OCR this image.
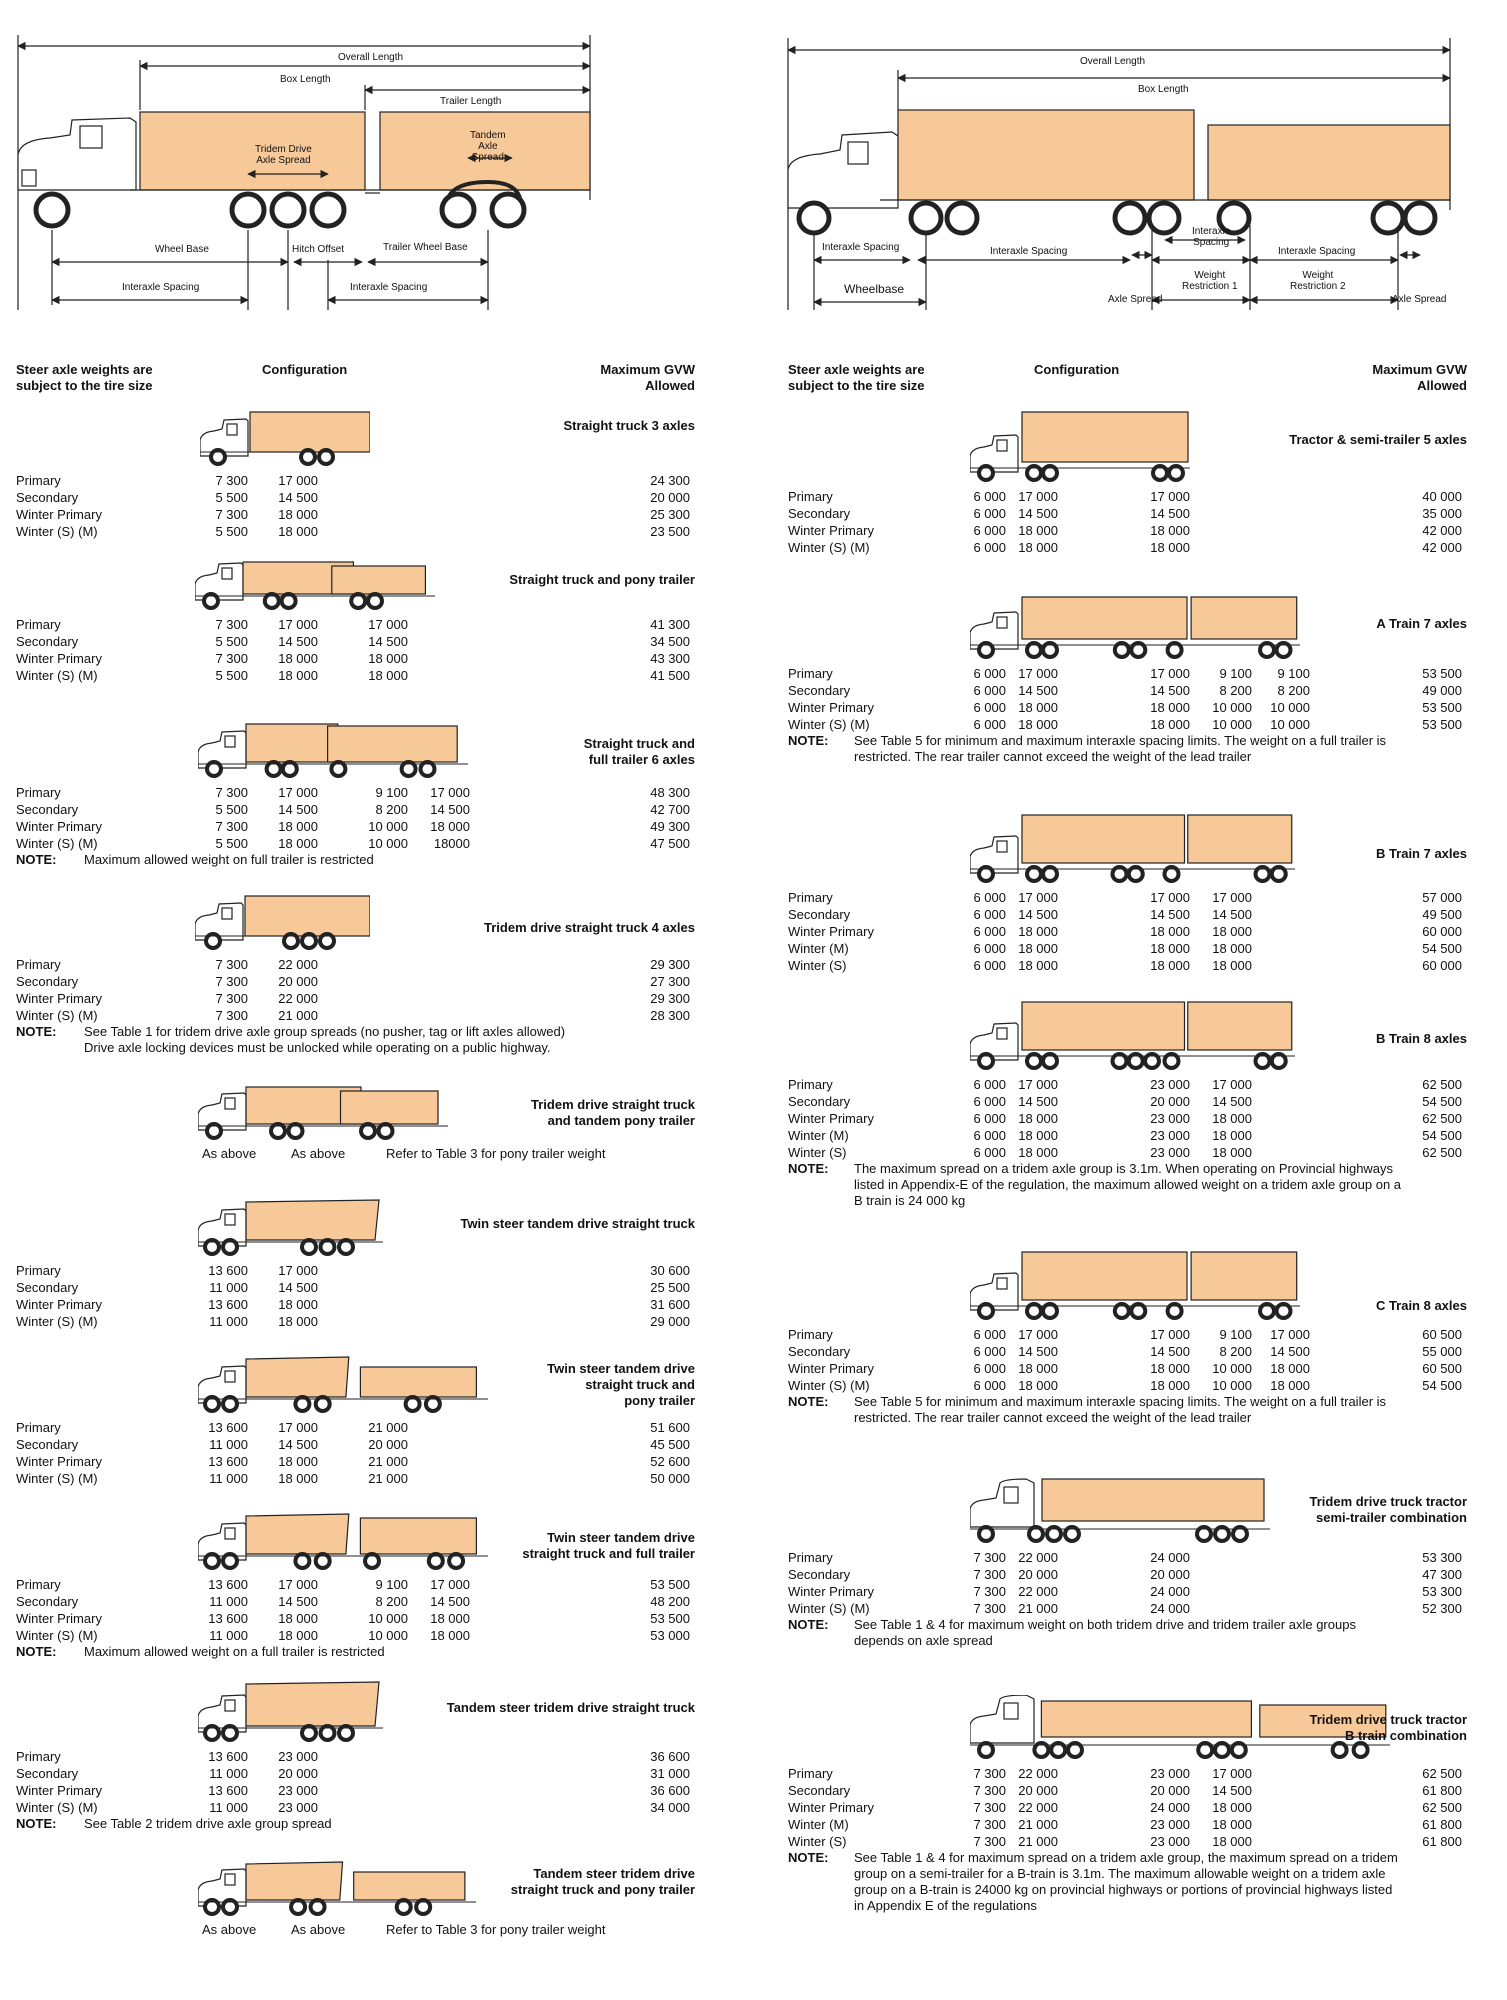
Overall Length
Box Length
Trailer Length
Tridem Drive
Axle Spread
Tandem
Axle
Spread
Wheel Base	Hitch Offset	Trailer Wheel Base
Interaxle Spacing	Interaxle Spacing
Overall Length
Box Length
Interaxle Spacing	Interaxle Spacing
Interaxle
Spacing
Interaxle Spacing
Wheelbase
Axle Spread
Weight
Restriction 1
Weight
Restriction 2
Axle Spread
Steer axle weights are
subject to the tire size
Configuration	Maximum GVW
Allowed
Steer axle weights are
subject to the tire size
Configuration	Maximum GVW
Allowed
Straight truck 3 axles
Primary	7 300	17 000	24 300
Secondary	5 500	14 500	20 000
Winter Primary	7 300	18 000	25 300
Winter (S) (M)	5 500	18 000	23 500
Straight truck and pony trailer
Primary	7 300	17 000	17 000	41 300
Secondary	5 500	14 500	14 500	34 500
Winter Primary	7 300	18 000	18 000	43 300
Winter (S) (M)	5 500	18 000	18 000	41 500
Straight truck and
full trailer 6 axles
Primary	7 300	17 000	9 100	17 000	48 300
Secondary	5 500	14 500	8 200	14 500	42 700
Winter Primary	7 300	18 000	10 000	18 000	49 300
Winter (S) (M)	5 500	18 000	10 000	18000	47 500
NOTE: Maximum allowed weight on full trailer is restricted
Tridem drive straight truck 4 axles
Primary	7 300	22 000	29 300
Secondary	7 300	20 000	27 300
Winter Primary	7 300	22 000	29 300
Winter (S) (M)	7 300	21 000	28 300
NOTE: See Table 1 for tridem drive axle group spreads (no pusher, tag or lift axles allowed)
Drive axle locking devices must be unlocked while operating on a public highway.
Tridem drive straight truck
and tandem pony trailer
As above	As above	Refer to Table 3 for pony trailer weight
Twin steer tandem drive straight truck
Primary	13 600	17 000	30 600
Secondary	11 000	14 500	25 500
Winter Primary	13 600	18 000	31 600
Winter (S) (M)	11 000	18 000	29 000
Twin steer tandem drive
straight truck and
pony trailer
Primary	13 600	17 000	21 000	51 600
Secondary	11 000	14 500	20 000	45 500
Winter Primary	13 600	18 000	21 000	52 600
Winter (S) (M)	11 000	18 000	21 000	50 000
Twin steer tandem drive
straight truck and full trailer
Primary	13 600	17 000	9 100	17 000	53 500
Secondary	11 000	14 500	8 200	14 500	48 200
Winter Primary	13 600	18 000	10 000	18 000	53 500
Winter (S) (M)	11 000	18 000	10 000	18 000	53 000
NOTE: Maximum allowed weight on a full trailer is restricted
Tandem steer tridem drive straight truck
Primary	13 600	23 000	36 600
Secondary	11 000	20 000	31 000
Winter Primary	13 600	23 000	36 600
Winter (S) (M)	11 000	23 000	34 000
NOTE: See Table 2 tridem drive axle group spread
Tandem steer tridem drive
straight truck and pony trailer
As above	As above	Refer to Table 3 for pony trailer weight
Tractor & semi-trailer 5 axles
Primary	6 000 17 000	17 000	40 000
Secondary	6 000 14 500	14 500	35 000
Winter Primary	6 000 18 000	18 000	42 000
Winter (S) (M)	6 000 18 000	18 000	42 000
A Train 7 axles
Primary	6 000 17 000	17 000	9 100	9 100	53 500
Secondary	6 000 14 500	14 500	8 200	8 200	49 000
Winter Primary	6 000 18 000	18 000	10 000	10 000	53 500
Winter (S) (M)	6 000 18 000	18 000	10 000	10 000	53 500
NOTE: See Table 5 for minimum and maximum interaxle spacing limits. The weight on a full trailer is
restricted. The rear trailer cannot exceed the weight of the lead trailer
B Train 7 axles
Primary	6 000 17 000	17 000	17 000	57 000
Secondary	6 000 14 500	14 500	14 500	49 500
Winter Primary	6 000 18 000	18 000	18 000	60 000
Winter (M)	6 000 18 000	18 000	18 000	54 500
Winter (S)	6 000 18 000	18 000	18 000	60 000
B Train 8 axles
Primary	6 000 17 000	23 000	17 000	62 500
Secondary	6 000 14 500	20 000	14 500	54 500
Winter Primary	6 000 18 000	23 000	18 000	62 500
Winter (M)	6 000 18 000	23 000	18 000	54 500
Winter (S)	6 000 18 000	23 000	18 000	62 500
NOTE: The maximum spread on a tridem axle group is 3.1m. When operating on Provincial highways
listed in Appendix-E of the regulation, the maximum allowed weight on a tridem axle group on a
B train is 24 000 kg
C Train 8 axles
Primary	6 000 17 000	17 000	9 100	17 000	60 500
Secondary	6 000 14 500	14 500	8 200	14 500	55 000
Winter Primary	6 000 18 000	18 000	10 000	18 000	60 500
Winter (S) (M)	6 000 18 000	18 000	10 000	18 000	54 500
NOTE: See Table 5 for minimum and maximum interaxle spacing limits. The weight on a full trailer is
restricted. The rear trailer cannot exceed the weight of the lead trailer
Tridem drive truck tractor
semi-trailer combination
Primary	7 300 22 000	24 000	53 300
Secondary	7 300 20 000	20 000	47 300
Winter Primary	7 300 22 000	24 000	53 300
Winter (S) (M)	7 300 21 000	24 000	52 300
NOTE: See Table 1 & 4 for maximum weight on both tridem drive and tridem trailer axle groups
depends on axle spread
Tridem drive truck tractor
B train combination
Primary	7 300 22 000	23 000	17 000	62 500
Secondary	7 300 20 000	20 000	14 500	61 800
Winter Primary	7 300 22 000	24 000	18 000	62 500
Winter (M)	7 300 21 000	23 000	18 000	61 800
Winter (S)	7 300 21 000	23 000	18 000	61 800
NOTE: See Table 1 & 4 for maximum spread on a tridem axle group, the maximum spread on a tridem
group on a semi-trailer for a B-train is 3.1m. The maximum allowable weight on a tridem axle
group on a B-train is 24000 kg on provincial highways or portions of provincial highways listed
in Appendix E of the regulations
